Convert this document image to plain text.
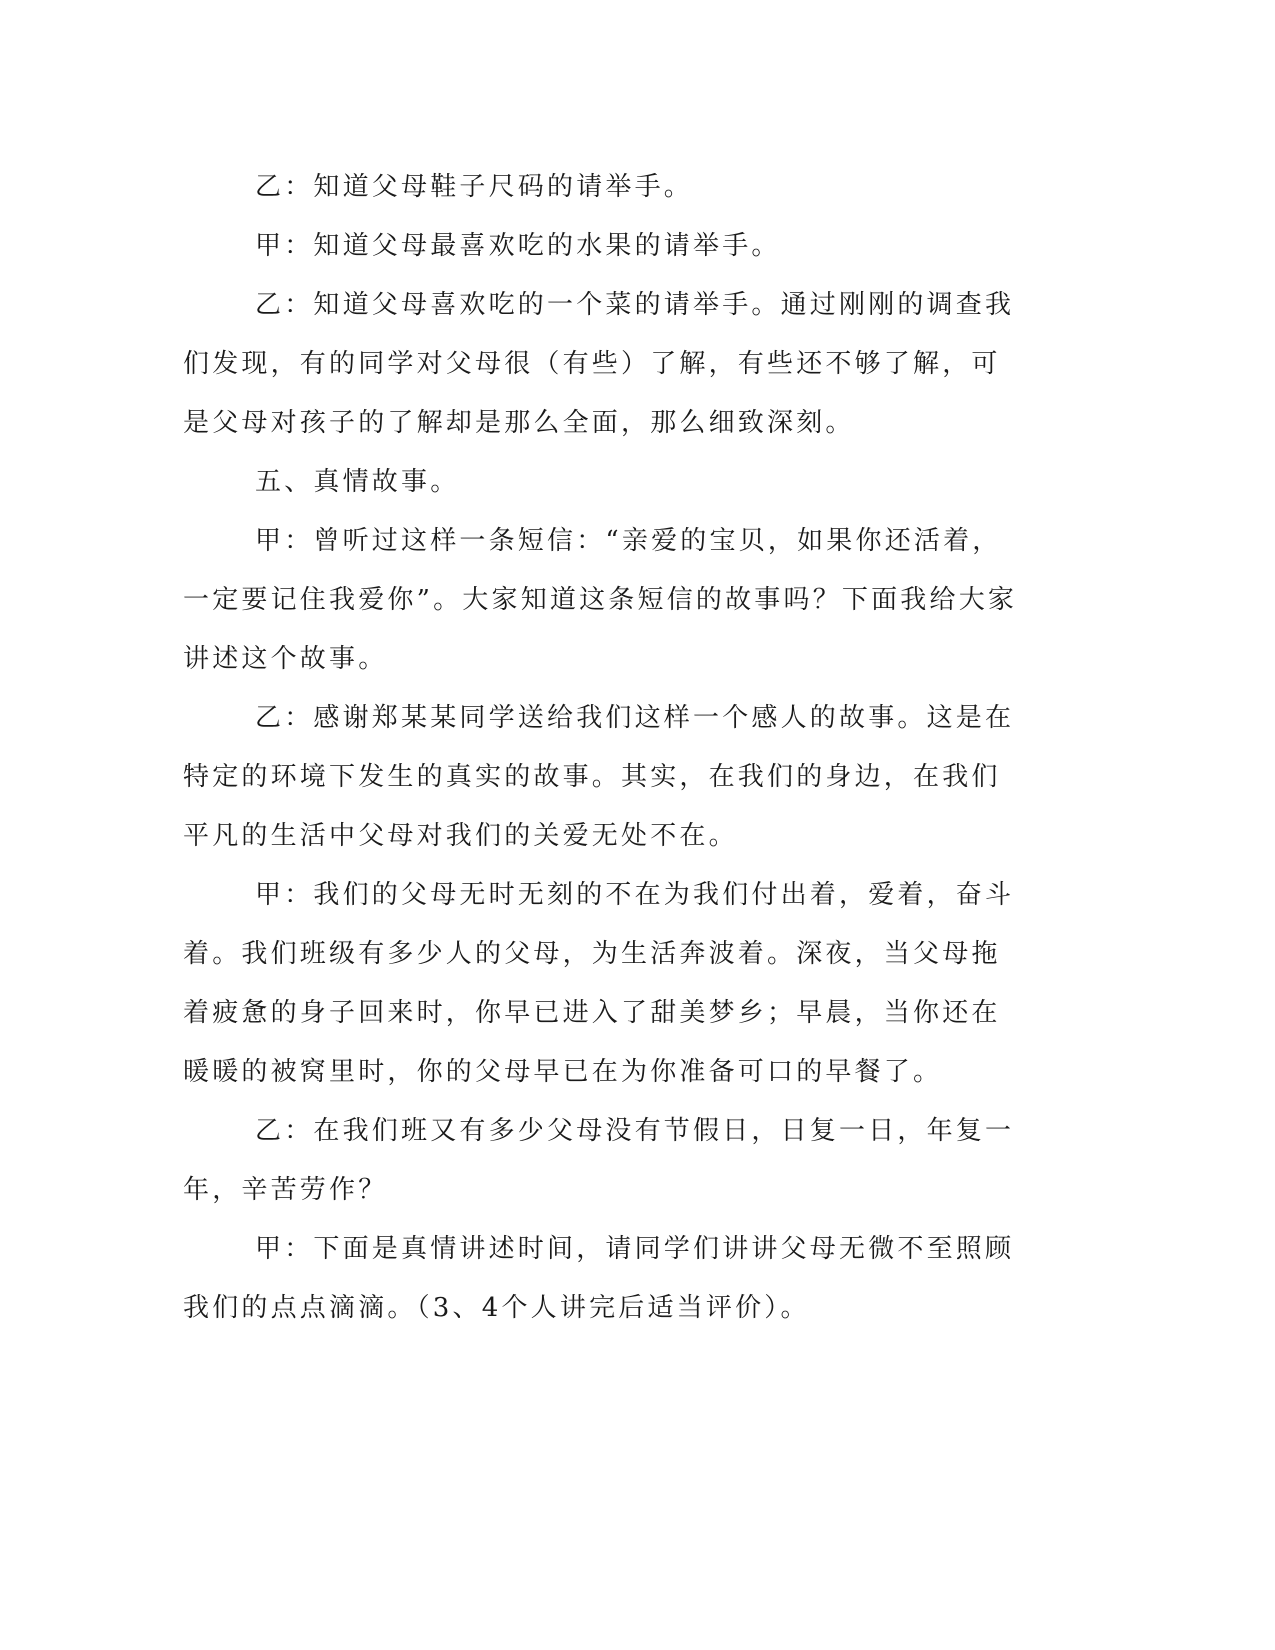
乙：知道父母鞋子尺码的请举手。

甲：知道父母最喜欢吃的水果的请举手。

乙：知道父母喜欢吃的一个菜的请举手。通过刚刚的调查我们发现，有的同学对父母很（有些）了解，有些还不够了解，可是父母对孩子的了解却是那么全面，那么细致深刻。

五、真情故事。

甲：曾听过这样一条短信：“亲爱的宝贝，如果你还活着，一定要记住我爱你”。大家知道这条短信的故事吗？下面我给大家讲述这个故事。

乙：感谢郑某某同学送给我们这样一个感人的故事。这是在特定的环境下发生的真实的故事。其实，在我们的身边，在我们平凡的生活中父母对我们的关爱无处不在。

甲：我们的父母无时无刻的不在为我们付出着，爱着，奋斗着。我们班级有多少人的父母，为生活奔波着。深夜，当父母拖着疲惫的身子回来时，你早已进入了甜美梦乡；早晨，当你还在暖暖的被窝里时，你的父母早已在为你准备可口的早餐了。

乙：在我们班又有多少父母没有节假日，日复一日，年复一年，辛苦劳作？

甲：下面是真情讲述时间，请同学们讲讲父母无微不至照顾我们的点点滴滴。（3、4个人讲完后适当评价）。
